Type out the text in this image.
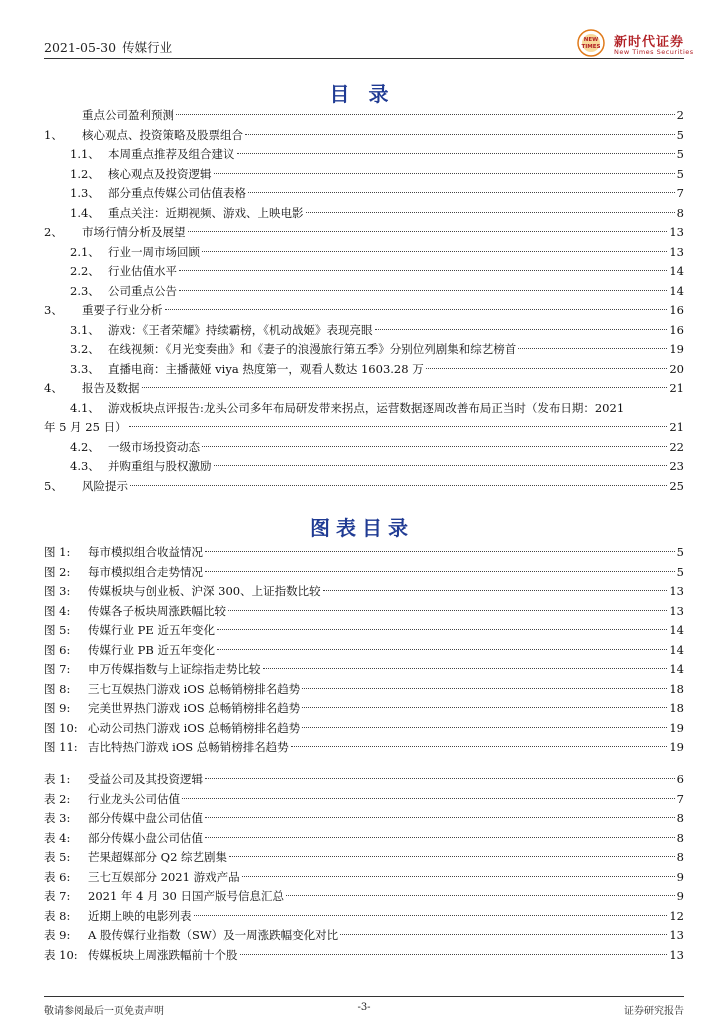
2021-05-30 传媒行业	NEW
TIMES 新时代证券
New Times Securities
目 录
重点公司盈利预测	2
1、	核心观点、投资策略及股票组合	5
1.1、 本周重点推荐及组合建议	5
1.2、 核心观点及投资逻辑	5
1.3、 部分重点传媒公司估值表格	7
1.4、 重点关注：近期视频、游戏、上映电影	8
2、	市场行情分析及展望	13
2.1、 行业一周市场回顾	13
2.2、 行业估值水平	14
2.3、 公司重点公告	14
3、	重要子行业分析	16
3.1、 游戏：《王者荣耀》持续霸榜，《机动战姬》表现亮眼	16
3.2、 在线视频：《月光变奏曲》和《妻子的浪漫旅行第五季》分别位列剧集和综艺榜首	19
3.3、 直播电商：主播薇娅 viya 热度第一，观看人数达 1603.28 万	20
4、	报告及数据	21
4.1、 游戏板块点评报告:龙头公司多年布局研发带来拐点，运营数据逐周改善布局正当时（发布日期：2021
年 5 月 25 日）	21
4.2、 一级市场投资动态	22
4.3、 并购重组与股权激励	23
5、	风险提示	25
图表目录
图 1:	每市模拟组合收益情况	5
图 2:	每市模拟组合走势情况	5
图 3:	传媒板块与创业板、沪深 300、上证指数比较	13
图 4:	传媒各子板块周涨跌幅比较	13
图 5:	传媒行业 PE 近五年变化	14
图 6:	传媒行业 PB 近五年变化	14
图 7:	申万传媒指数与上证综指走势比较	14
图 8:	三七互娱热门游戏 iOS 总畅销榜排名趋势	18
图 9:	完美世界热门游戏 iOS 总畅销榜排名趋势	18
图 10: 心动公司热门游戏 iOS 总畅销榜排名趋势	19
图 11: 吉比特热门游戏 iOS 总畅销榜排名趋势	19
表 1:	受益公司及其投资逻辑	6
表 2:	行业龙头公司估值	7
表 3:	部分传媒中盘公司估值	8
表 4:	部分传媒小盘公司估值	8
表 5:	芒果超媒部分 Q2 综艺剧集	8
表 6:	三七互娱部分 2021 游戏产品	9
表 7:	2021 年 4 月 30 日国产版号信息汇总	9
表 8:	近期上映的电影列表	12
表 9:	A 股传媒行业指数（SW）及一周涨跌幅变化对比	13
表 10: 传媒板块上周涨跌幅前十个股	13
敬请参阅最后一页免责声明	-3-	证券研究报告
